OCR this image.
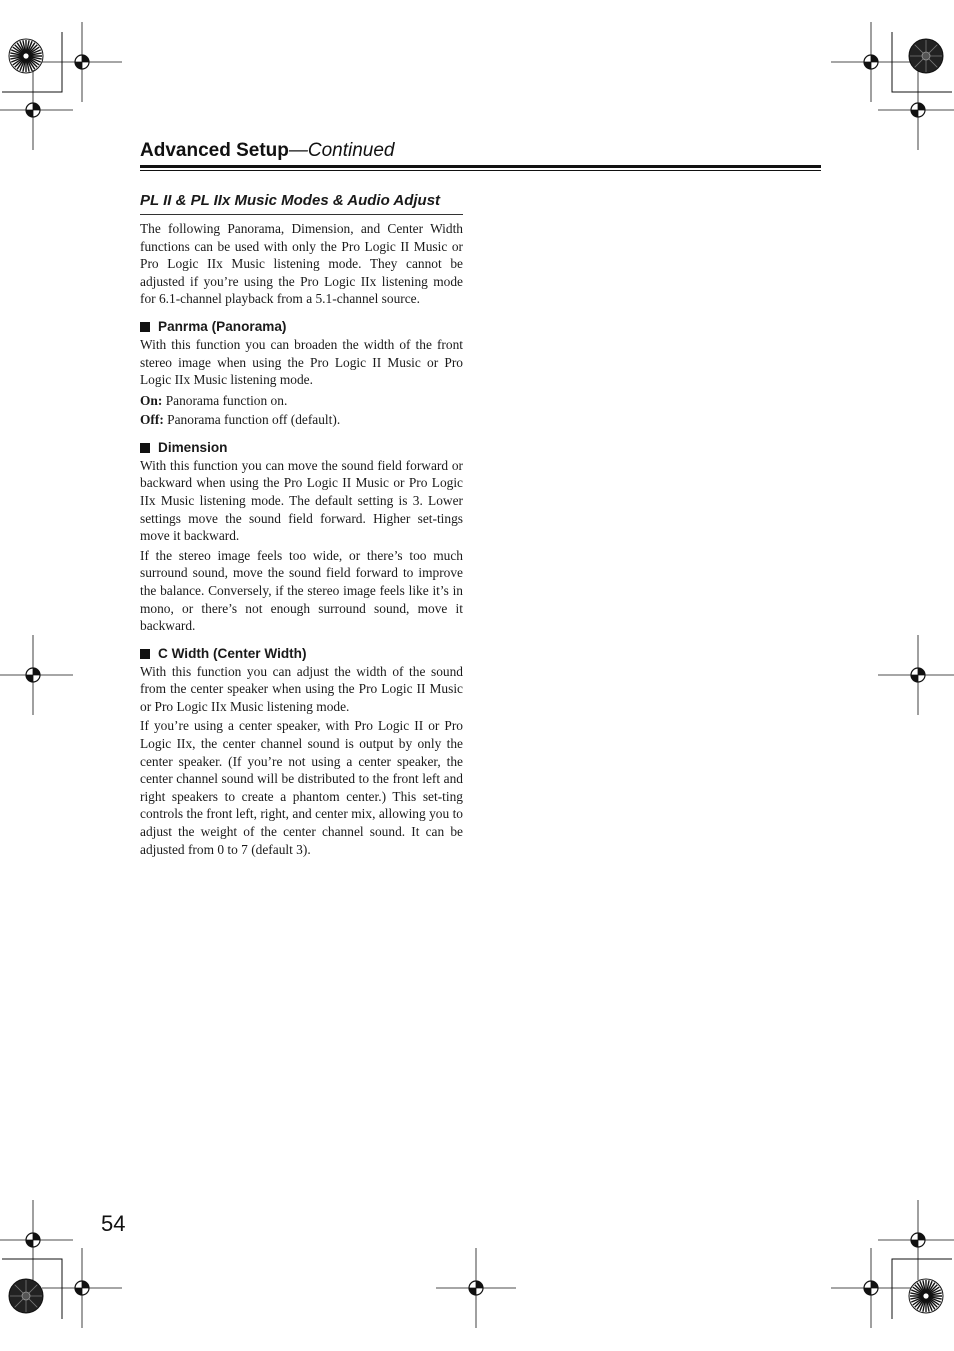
Advanced Setup—Continued
PL II & PL IIx Music Modes & Audio Adjust

The following Panorama, Dimension, and Center Width functions can be used with only the Pro Logic II Music or Pro Logic IIx Music listening mode. They cannot be adjusted if you’re using the Pro Logic IIx listening mode for 6.1-channel playback from a 5.1-channel source.

Panrma (Panorama)

With this function you can broaden the width of the front stereo image when using the Pro Logic II Music or Pro Logic IIx Music listening mode.

On: Panorama function on.
Off: Panorama function off (default).
Dimension

With this function you can move the sound field forward or backward when using the Pro Logic II Music or Pro Logic IIx Music listening mode. The default setting is 3. Lower settings move the sound field forward. Higher set-tings move it backward.

If the stereo image feels too wide, or there’s too much surround sound, move the sound field forward to improve the balance. Conversely, if the stereo image feels like it’s in mono, or there’s not enough surround sound, move it backward.

C Width (Center Width)

With this function you can adjust the width of the sound from the center speaker when using the Pro Logic II Music or Pro Logic IIx Music listening mode.

If you’re using a center speaker, with Pro Logic II or Pro Logic IIx, the center channel sound is output by only the center speaker. (If you’re not using a center speaker, the center channel sound will be distributed to the front left and right speakers to create a phantom center.) This set-ting controls the front left, right, and center mix, allowing you to adjust the weight of the center channel sound. It can be adjusted from 0 to 7 (default 3).

54
